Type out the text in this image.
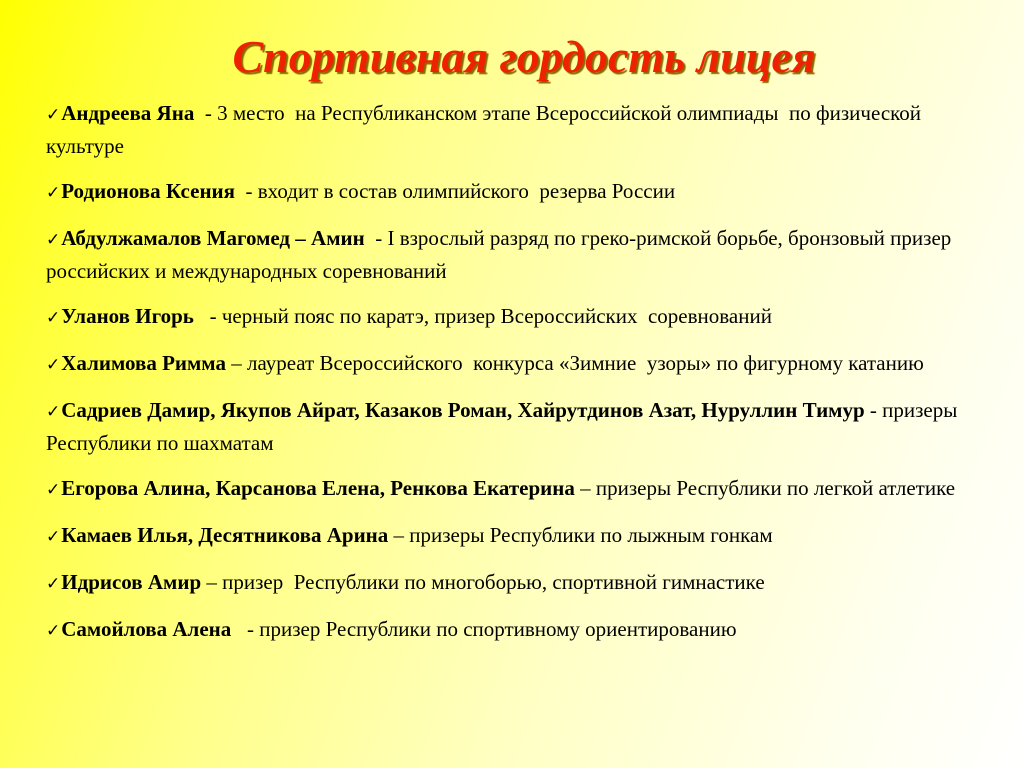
Спортивная гордость лицея
✓Андреева Яна  - 3 место  на Республиканском этапе Всероссийской олимпиады  по физической культуре
✓Родионова Ксения  - входит в состав олимпийского  резерва России
✓Абдулжамалов Магомед – Амин  - I взрослый разряд по греко-римской борьбе, бронзовый призер  российских и международных соревнований
✓Уланов Игорь   - черный пояс по каратэ, призер Всероссийских  соревнований
✓Халимова Римма – лауреат Всероссийского  конкурса «Зимние  узоры» по фигурному катанию
✓Садриев Дамир, Якупов Айрат, Казаков Роман, Хайрутдинов Азат, Нуруллин Тимур - призеры  Республики по шахматам
✓Егорова Алина, Карсанова Елена, Ренкова Екатерина – призеры Республики по легкой атлетике
✓Камаев Илья, Десятникова Арина – призеры Республики по лыжным гонкам
✓Идрисов Амир – призер  Республики по многоборью, спортивной гимнастике
✓Самойлова Алена   - призер Республики по спортивному ориентированию
